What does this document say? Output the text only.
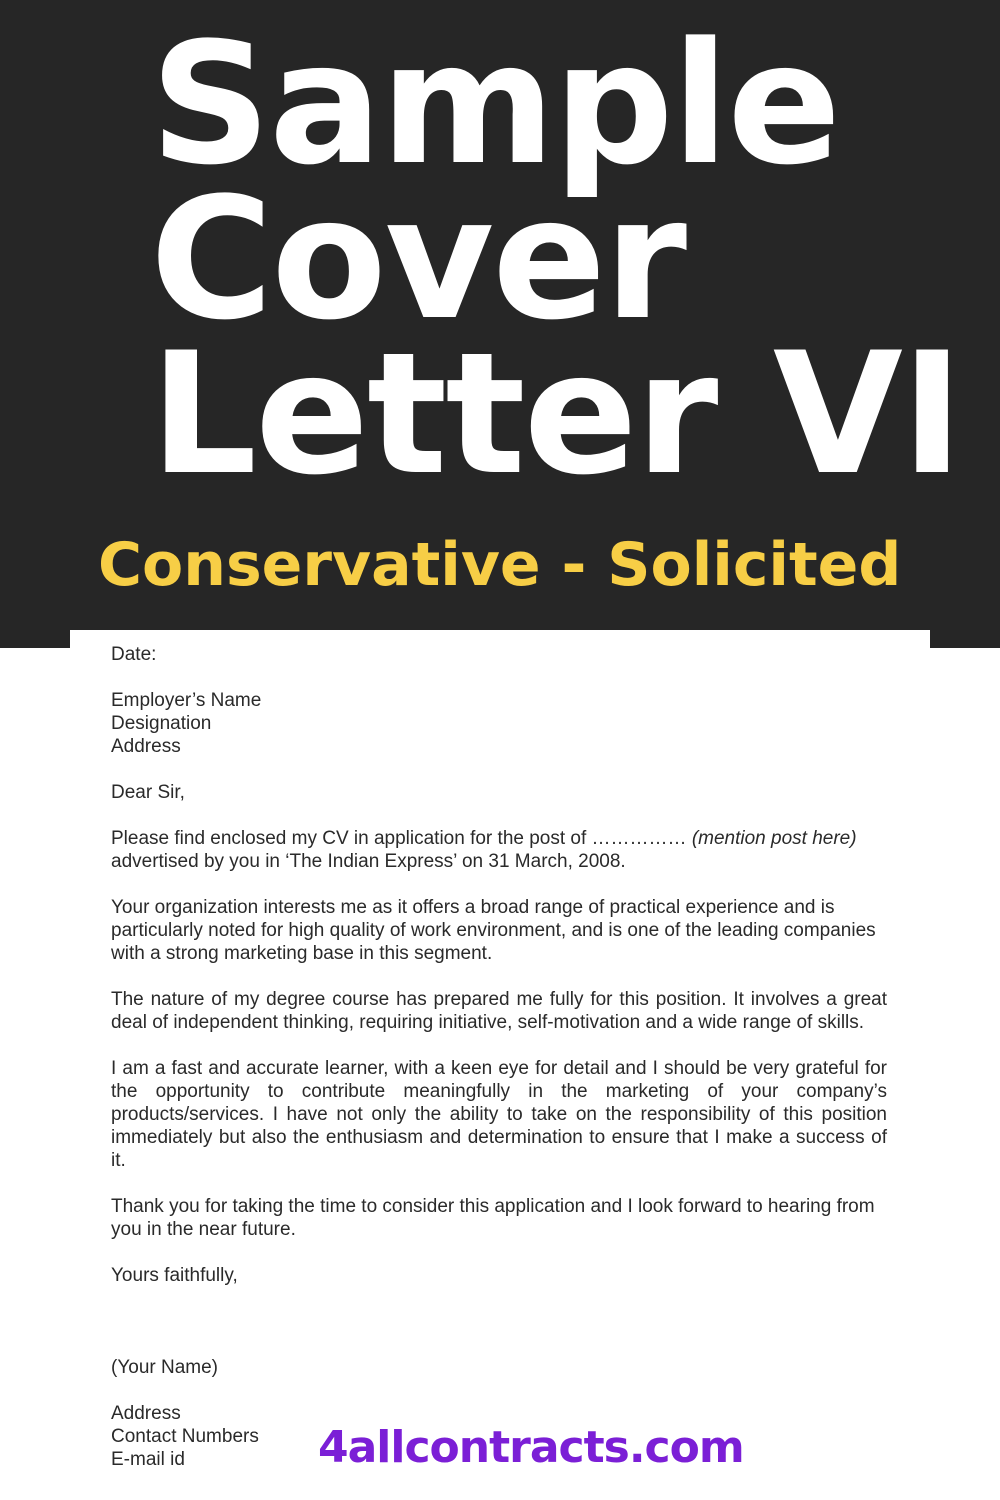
Sample
Cover
Letter VI
Conservative - Solicited

Date:

Employer’s Name

Designation

Address

Dear Sir,

Please find enclosed my CV in application for the post of …………… (mention post here) advertised by you in ‘The Indian Express’ on 31 March, 2008.

Your organization interests me as it offers a broad range of practical experience and is particularly noted for high quality of work environment, and is one of the leading companies with a strong marketing base in this segment.

The nature of my degree course has prepared me fully for this position. It involves a great deal of independent thinking, requiring initiative, self-motivation and a wide range of skills.

I am a fast and accurate learner, with a keen eye for detail and I should be very grateful for the opportunity to contribute meaningfully in the marketing of your company’s products/services. I have not only the ability to take on the responsibility of this position immediately but also the enthusiasm and determination to ensure that I make a success of it.

Thank you for taking the time to consider this application and I look forward to hearing from you in the near future.

Yours faithfully,

(Your Name)

Address

Contact Numbers

E-mail id	4allcontracts.com
